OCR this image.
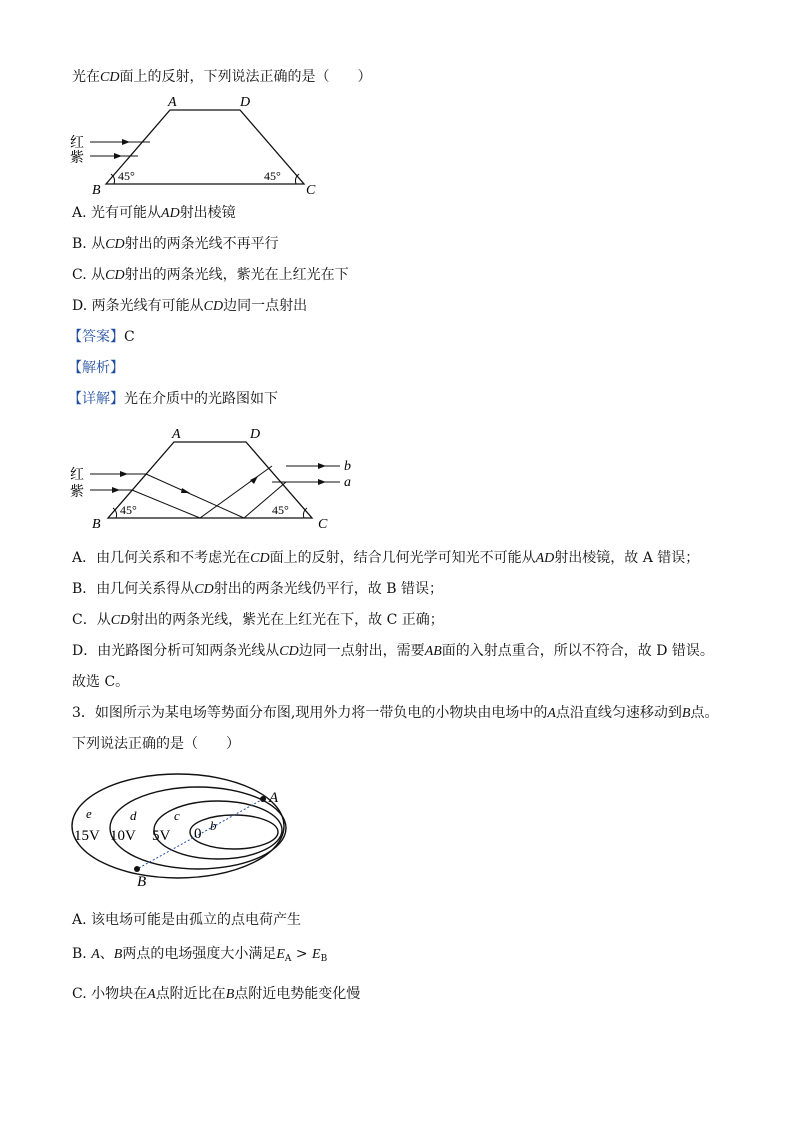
光在CD面上的反射，下列说法正确的是（　　）
A	D
B	C
红
紫
45°	45°
A. 光有可能从AD射出棱镜
B. 从CD射出的两条光线不再平行
C. 从CD射出的两条光线，紫光在上红光在下
D. 两条光线有可能从CD边同一点射出
【答案】C
【解析】
【详解】光在介质中的光路图如下
A	D
B	C
红
紫
45°	45°
b
a
A．由几何关系和不考虑光在CD面上的反射，结合几何光学可知光不可能从AD射出棱镜，故 A 错误；
B．由几何关系得从CD射出的两条光线仍平行，故 B 错误；
C．从CD射出的两条光线，紫光在上红光在下，故 C 正确；
D．由光路图分析可知两条光线从CD边同一点射出，需要AB面的入射点重合，所以不符合，故 D 错误。
故选 C。
3．如图所示为某电场等势面分布图,现用外力将一带负电的小物块由电场中的A点沿直线匀速移动到B点。
下列说法正确的是（　　）
e	d	c
b
15V 10V 5V 0
A
B
A. 该电场可能是由孤立的点电荷产生
B. A、B两点的电场强度大小满足$E_A > E_B$
C. 小物块在A点附近比在B点附近电势能变化慢
